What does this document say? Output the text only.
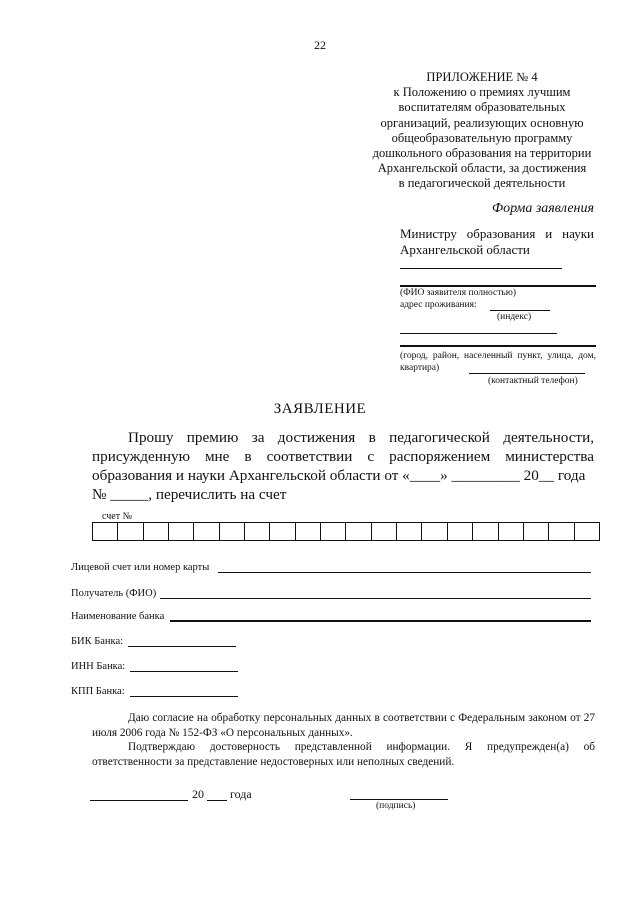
22
ПРИЛОЖЕНИЕ № 4
к Положению о премиях лучшим
воспитателям образовательных
организаций, реализующих основную
общеобразовательную программу
дошкольного образования на территории
Архангельской области, за достижения
в педагогической деятельности
Форма заявления
Министру образования и науки Архангельской области
(ФИО заявителя полностью)
адрес проживания:
(индекс)
(город, район, населенный пункт, улица, дом, квартира)
(контактный телефон)
ЗАЯВЛЕНИЕ

Прошу премию за достижения в педагогической деятельности, присужденную мне в соответствии с распоряжением министерства образования и науки Архангельской области от «____» _________ 20__ года

№ _____, перечислить на счет

счет №
Лицевой счет или номер карты
Получатель (ФИО)
Наименование банка
БИК Банка:
ИНН Банка:
КПП Банка:

Даю согласие на обработку персональных данных в соответствии с Федеральным законом от 27 июля 2006 года № 152-ФЗ «О персональных данных».

Подтверждаю достоверность представленной информации. Я предупрежден(а) об ответственности за представление недостоверных или неполных сведений.

20 года
(подпись)
